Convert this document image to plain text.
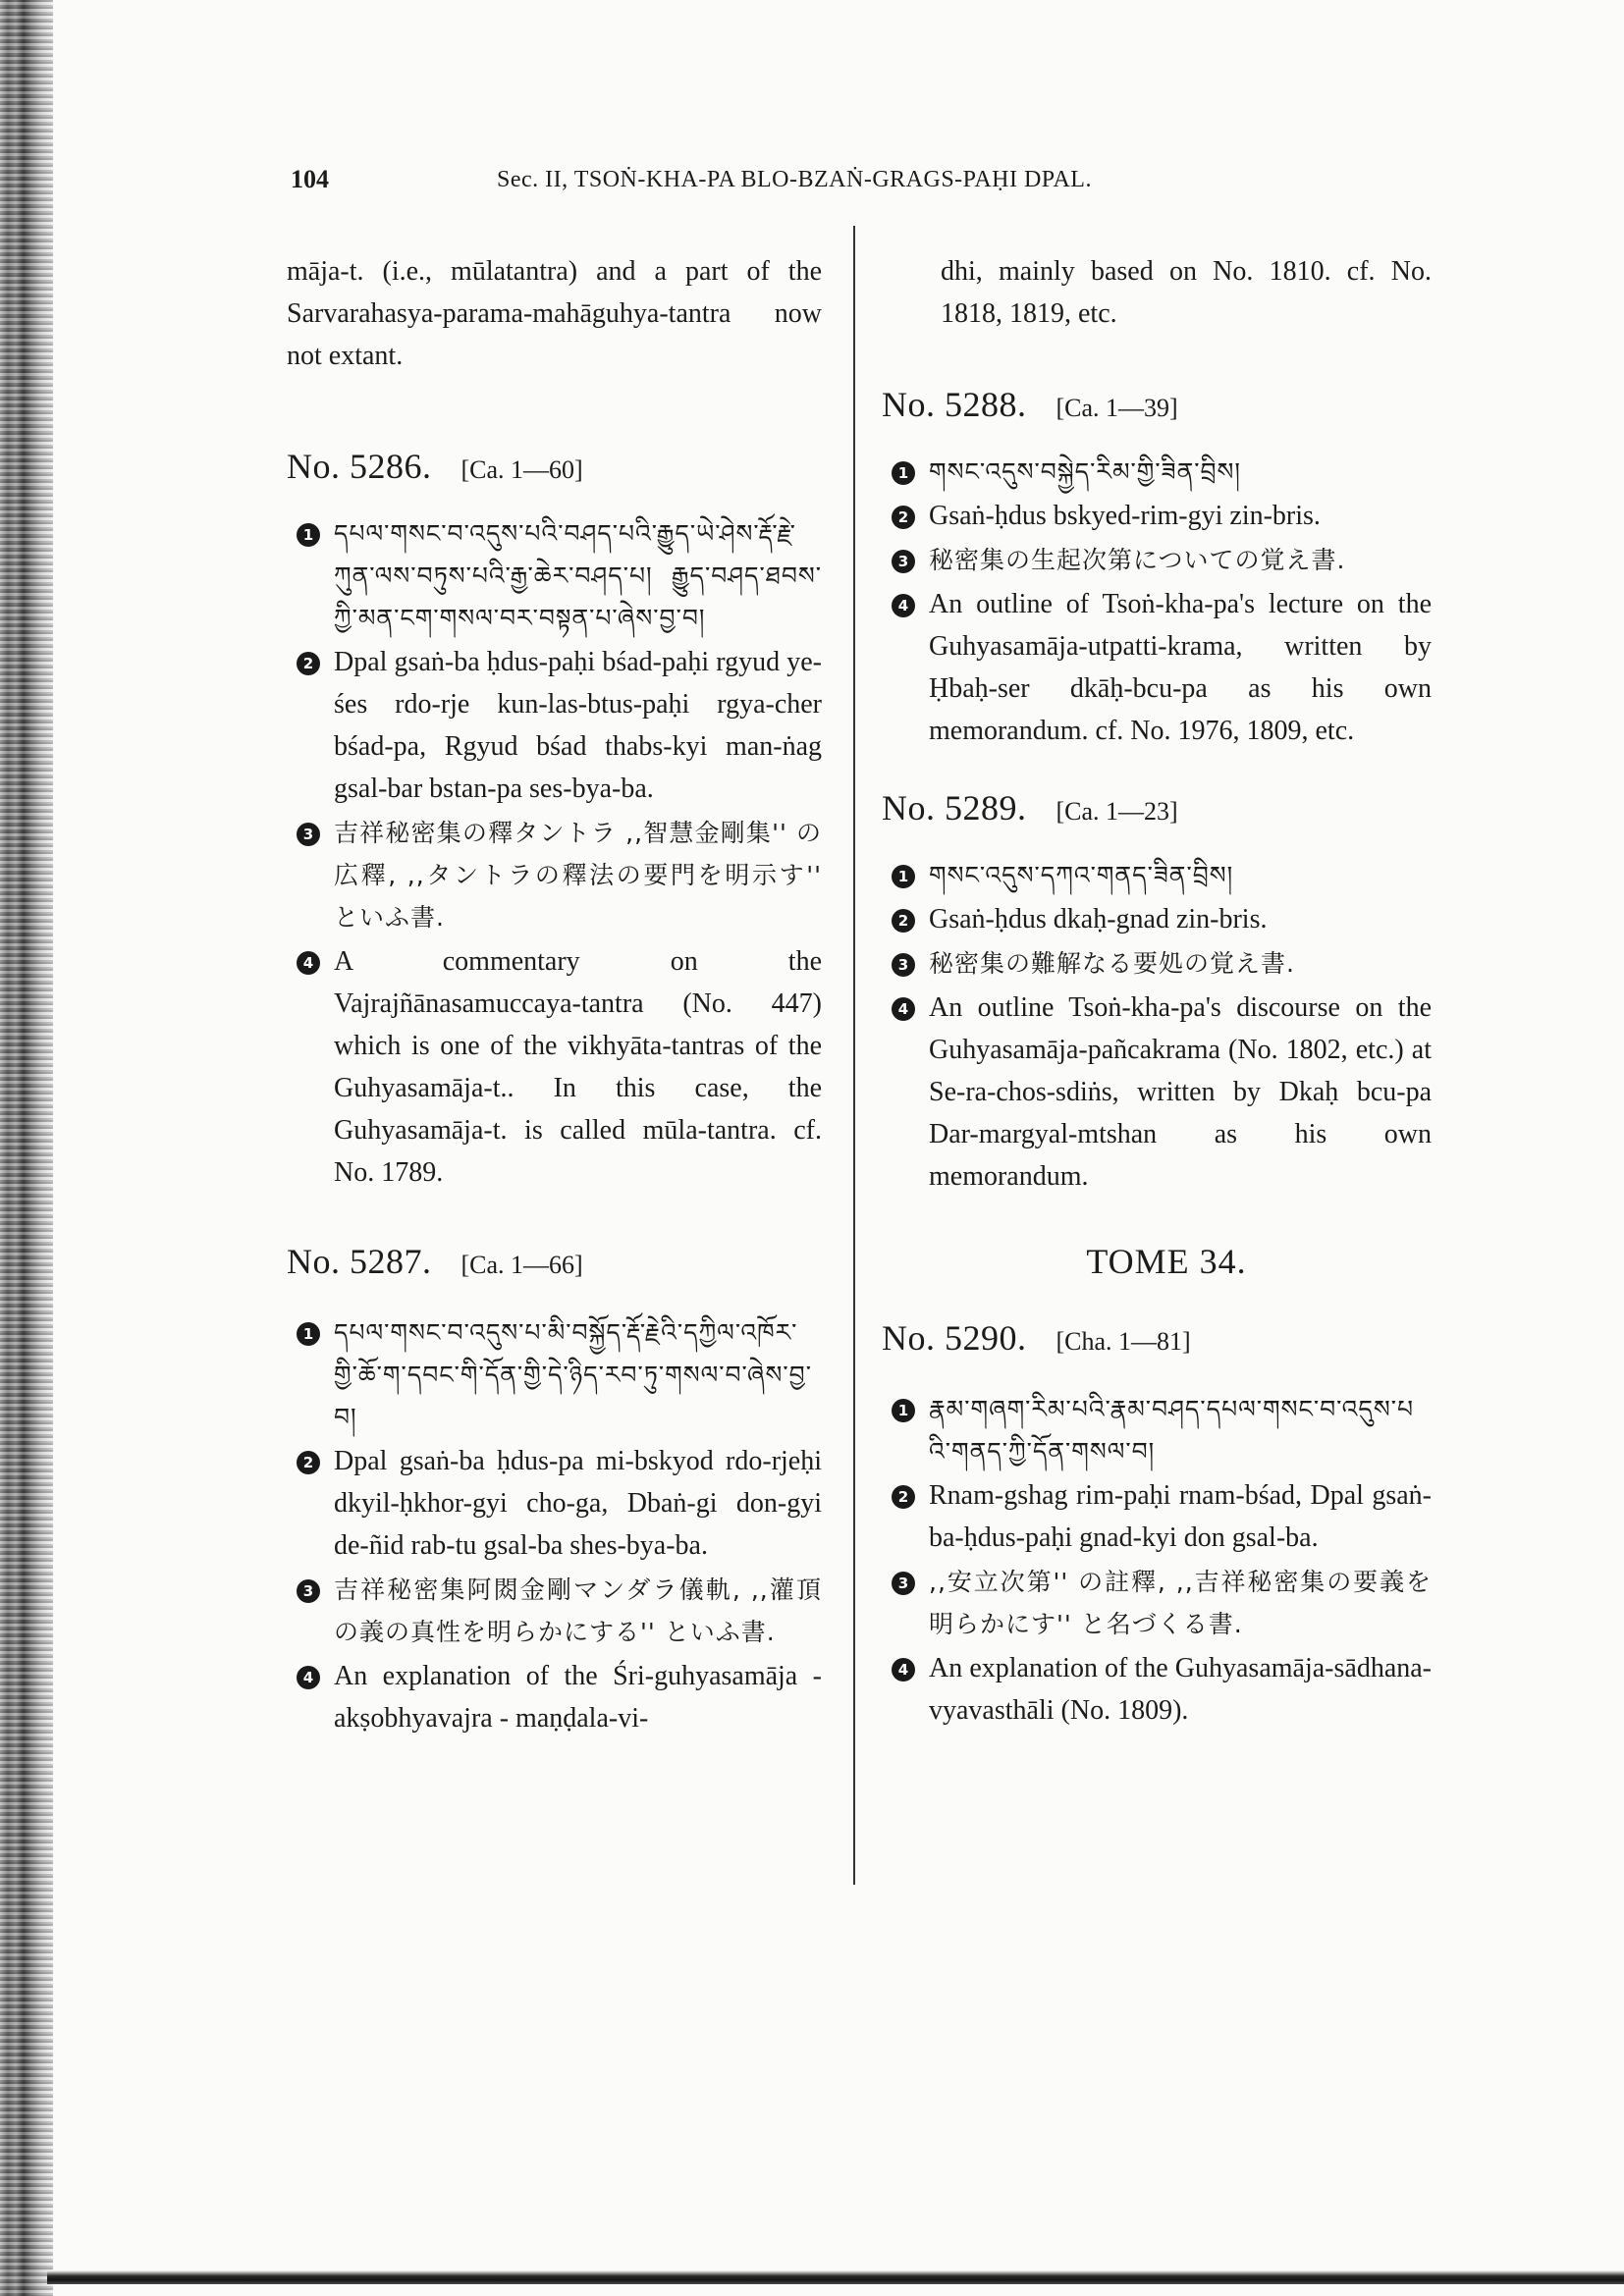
104	Sec. II, TSOṄ-KHA-PA BLO-BZAṄ-GRAGS-PAḤI DPAL.

māja-t. (i.e., mūlatantra) and a part of the Sarvarahasya-parama-mahāguhya-tantra now not extant.

No. 5286. [Ca. 1—60]
1 དཔལ་གསང་བ་འདུས་པའི་བཤད་པའི་རྒྱུད་ཡེ་ཤེས་རྡོ་རྗེ་ཀུན་ལས་བཏུས་པའི་རྒྱ་ཆེར་བཤད་པ། རྒྱུད་བཤད་ཐབས་ཀྱི་མན་ངག་གསལ་བར་བསྟན་པ་ཞེས་བྱ་བ།
2 Dpal gsaṅ-ba ḥdus-paḥi bśad-paḥi rgyud ye-śes rdo-rje kun-las-btus-paḥi rgya-cher bśad-pa, Rgyud bśad thabs-kyi man-ṅag gsal-bar bstan-pa ses-bya-ba.
3 吉祥秘密集の釋タントラ ,,智慧金剛集'' の広釋, ,,タントラの釋法の要門を明示す'' といふ書.
4 A commentary on the Vajrajñānasamuccaya-tantra (No. 447) which is one of the vikhyāta-tantras of the Guhyasamāja-t.. In this case, the Guhyasamāja-t. is called mūla-tantra. cf. No. 1789.
No. 5287. [Ca. 1—66]
1 དཔལ་གསང་བ་འདུས་པ་མི་བསྐྱོད་རྡོ་རྗེའི་དཀྱིལ་འཁོར་གྱི་ཆོ་ག་དབང་གི་དོན་གྱི་དེ་ཉིད་རབ་ཏུ་གསལ་བ་ཞེས་བྱ་བ།
2 Dpal gsaṅ-ba ḥdus-pa mi-bskyod rdo-rjeḥi dkyil-ḥkhor-gyi cho-ga, Dbaṅ-gi don-gyi de-ñid rab-tu gsal-ba shes-bya-ba.
3 吉祥秘密集阿閦金剛マンダラ儀軌, ,,灌頂の義の真性を明らかにする'' といふ書.
4 An explanation of the Śri-guhyasamāja - akṣobhyavajra - maṇḍala-vi-

dhi, mainly based on No. 1810. cf. No. 1818, 1819, etc.

No. 5288. [Ca. 1—39]
1 གསང་འདུས་བསྐྱེད་རིམ་གྱི་ཟིན་བྲིས།
2 Gsaṅ-ḥdus bskyed-rim-gyi zin-bris.
3 秘密集の生起次第についての覚え書.
4 An outline of Tsoṅ-kha-pa's lecture on the Guhyasamāja-utpatti-krama, written by Ḥbaḥ-ser dkāḥ-bcu-pa as his own memorandum. cf. No. 1976, 1809, etc.
No. 5289. [Ca. 1—23]
1 གསང་འདུས་དཀའ་གནད་ཟིན་བྲིས།
2 Gsaṅ-ḥdus dkaḥ-gnad zin-bris.
3 秘密集の難解なる要処の覚え書.
4 An outline Tsoṅ-kha-pa's discourse on the Guhyasamāja-pañcakrama (No. 1802, etc.) at Se-ra-chos-sdiṅs, written by Dkaḥ bcu-pa Dar-margyal-mtshan as his own memorandum.
TOME 34.
No. 5290. [Cha. 1—81]
1 རྣམ་གཞག་རིམ་པའི་རྣམ་བཤད་དཔལ་གསང་བ་འདུས་པའི་གནད་ཀྱི་དོན་གསལ་བ།
2 Rnam-gshag rim-paḥi rnam-bśad, Dpal gsaṅ-ba-ḥdus-paḥi gnad-kyi don gsal-ba.
3 ,,安立次第'' の註釋, ,,吉祥秘密集の要義を明らかにす'' と名づくる書.
4 An explanation of the Guhyasamāja-sādhana-vyavasthāli (No. 1809).
